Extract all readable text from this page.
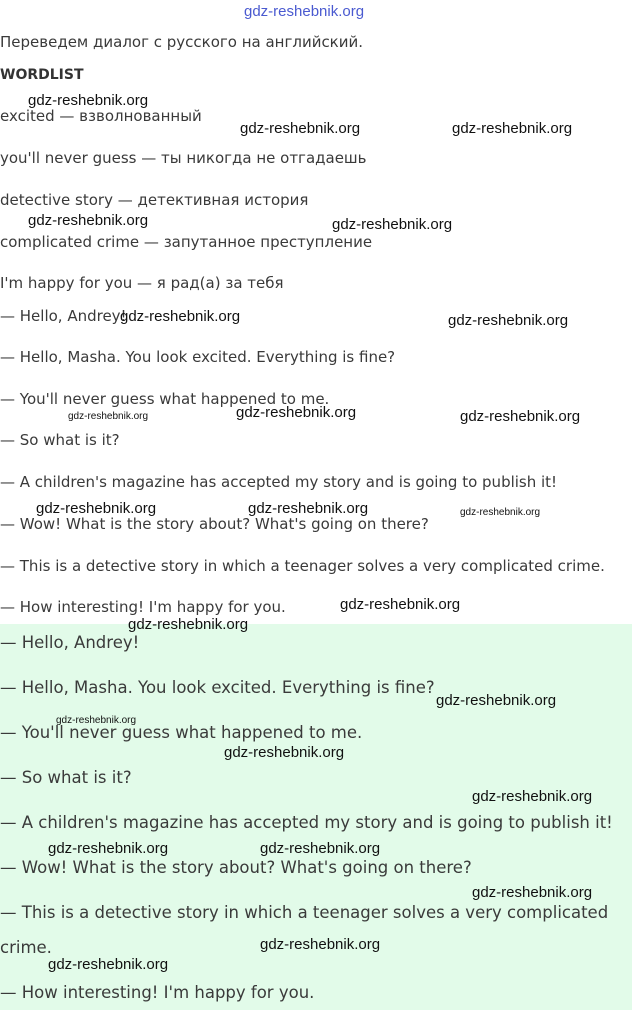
gdz-reshebnik.org
Переведем диалог с русского на английский.
WORDLIST
excited — взволнованный
you'll never guess — ты никогда не отгадаешь
detective story — детективная история
complicated crime — запутанное преступление
I'm happy for you — я рад(а) за тебя
— Hello, Andrey!
— Hello, Masha. You look excited. Everything is fine?
— You'll never guess what happened to me.
— So what is it?
— A children's magazine has accepted my story and is going to publish it!
— Wow! What is the story about? What's going on there?
— This is a detective story in which a teenager solves a very complicated crime.
— How interesting! I'm happy for you.
— Hello, Andrey!
— Hello, Masha. You look excited. Everything is fine?
— You'll never guess what happened to me.
— So what is it?
— A children's magazine has accepted my story and is going to publish it!
— Wow! What is the story about? What's going on there?
— This is a detective story in which a teenager solves a very complicated
crime.
— How interesting! I'm happy for you.
gdz-reshebnik.org
gdz-reshebnik.org	gdz-reshebnik.org
gdz-reshebnik.org	gdz-reshebnik.org
gdz-reshebnik.org	gdz-reshebnik.org
gdz-reshebnik.org	gdz-reshebnik.org	gdz-reshebnik.org
gdz-reshebnik.org	gdz-reshebnik.org	gdz-reshebnik.org
gdz-reshebnik.org
gdz-reshebnik.org
gdz-reshebnik.org
gdz-reshebnik.org
gdz-reshebnik.org
gdz-reshebnik.org
gdz-reshebnik.org	gdz-reshebnik.org
gdz-reshebnik.org
gdz-reshebnik.org
gdz-reshebnik.org
